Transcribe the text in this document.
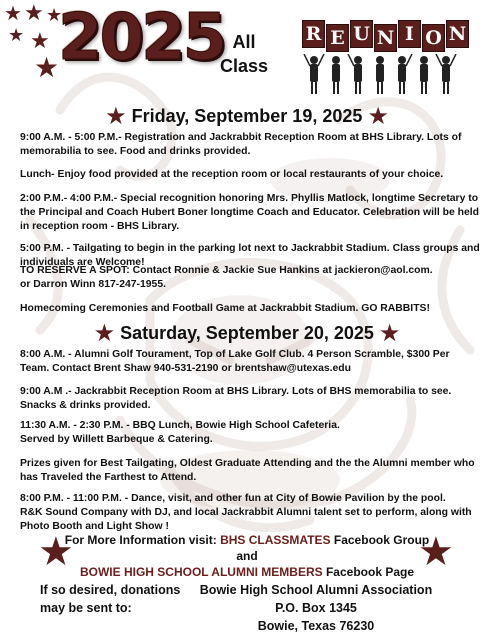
★ ★ ★
★ ★
★
2025 All
Class
R E U N I O N
★ Friday, September 19, 2025 ★
9:00 A.M. - 5:00 P.M.- Registration and Jackrabbit Reception Room at BHS Library. Lots of memorabilia to see. Food and drinks provided.
Lunch- Enjoy food provided at the reception room or local restaurants of your choice.
2:00 P.M.- 4:00 P.M.- Special recognition honoring Mrs. Phyllis Matlock, longtime Secretary to the Principal and Coach Hubert Boner longtime Coach and Educator. Celebration will be held in reception room - BHS Library.
5:00 P.M. - Tailgating to begin in the parking lot next to Jackrabbit Stadium. Class groups and individuals are Welcome!
TO RESERVE A SPOT: Contact Ronnie & Jackie Sue Hankins at jackieron@aol.com.
or Darron Winn 817-247-1955.
Homecoming Ceremonies and Football Game at Jackrabbit Stadium. GO RABBITS!
★ Saturday, September 20, 2025 ★
8:00 A.M. - Alumni Golf Tourament, Top of Lake Golf Club. 4 Person Scramble, $300 Per Team. Contact Brent Shaw 940-531-2190 or brentshaw@utexas.edu
9:00 A.M .- Jackrabbit Reception Room at BHS Library. Lots of BHS memorabilia to see. Snacks & drinks provided.
11:30 A.M. - 2:30 P.M. - BBQ Lunch, Bowie High School Cafeteria.
Served by Willett Barbeque & Catering.
Prizes given for Best Tailgating, Oldest Graduate Attending and the the Alumni member who has Traveled the Farthest to Attend.
8:00 P.M. - 11:00 P.M. - Dance, visit, and other fun at City of Bowie Pavilion by the pool.
R&K Sound Company with DJ, and local Jackrabbit Alumni talent set to perform, along with Photo Booth and Light Show !
★	★
For More Information visit: BHS CLASSMATES Facebook Group
and
BOWIE HIGH SCHOOL ALUMNI MEMBERS Facebook Page
If so desired, donations
may be sent to:
Bowie High School Alumni Association
P.O. Box 1345
Bowie, Texas 76230
